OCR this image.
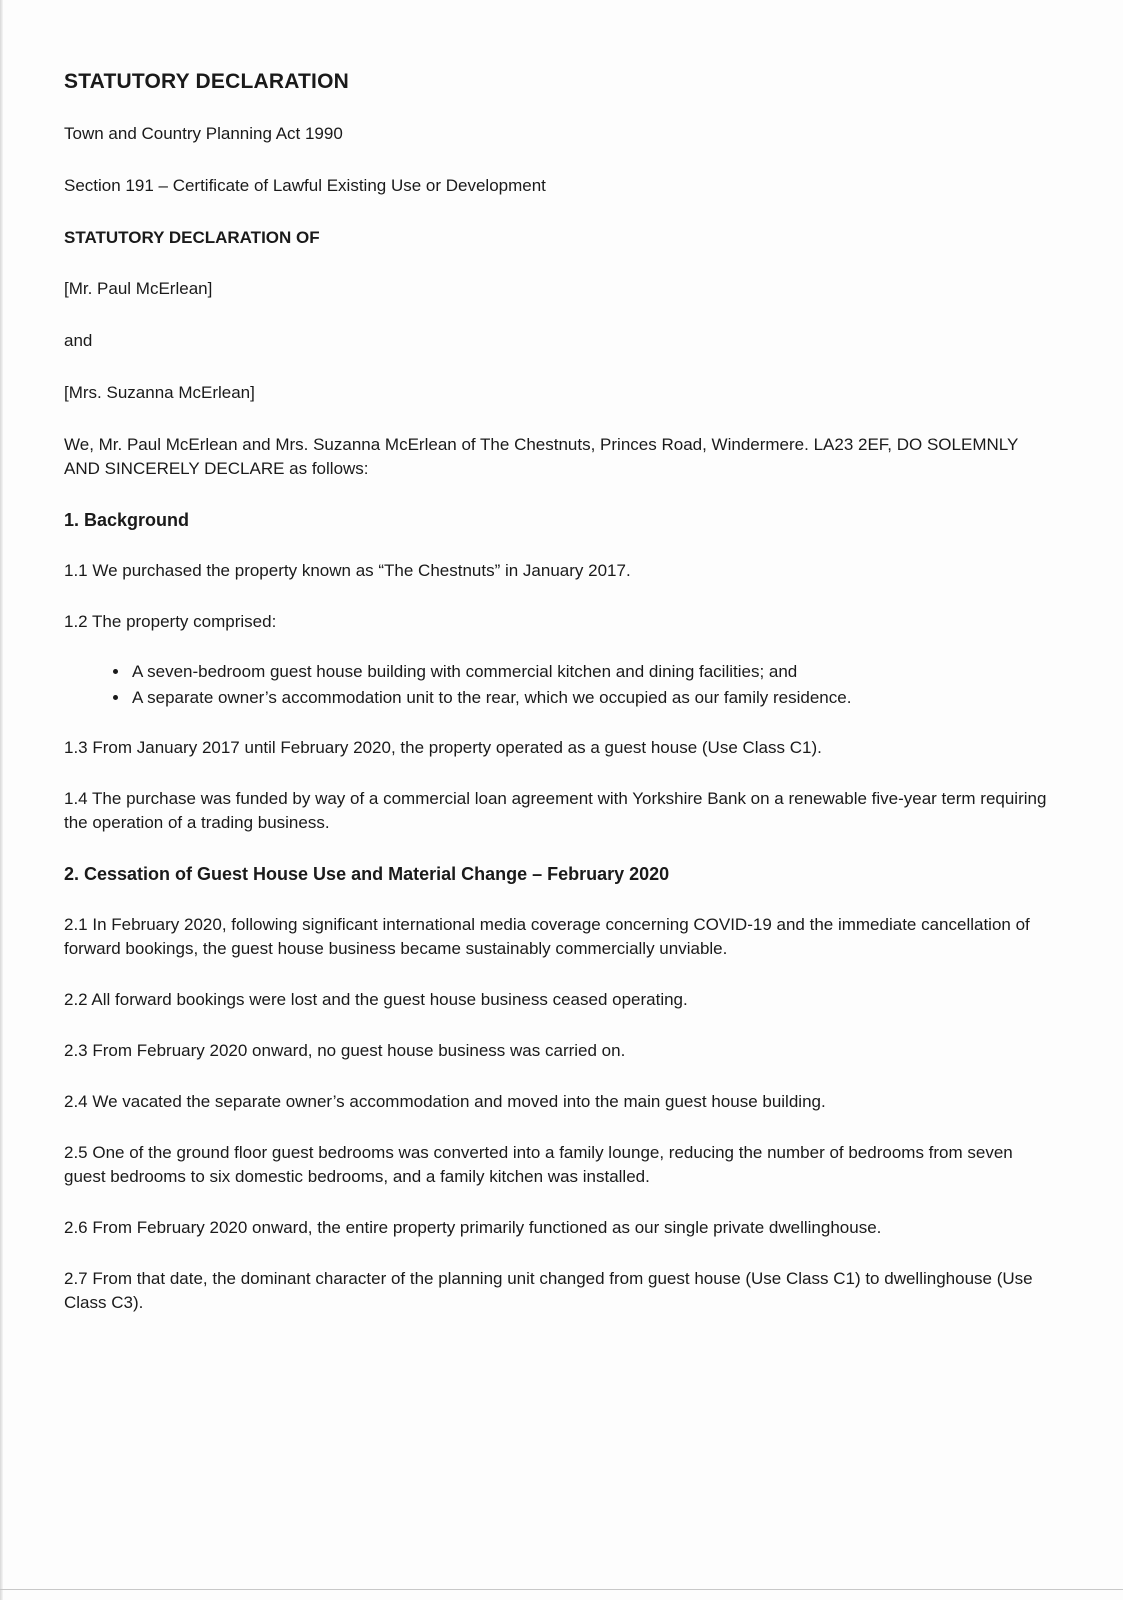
STATUTORY DECLARATION
Town and Country Planning Act 1990
Section 191 – Certificate of Lawful Existing Use or Development
STATUTORY DECLARATION OF
[Mr. Paul McErlean]
and
[Mrs. Suzanna McErlean]
We, Mr. Paul McErlean and Mrs. Suzanna McErlean of The Chestnuts, Princes Road, Windermere. LA23 2EF, DO SOLEMNLY AND SINCERELY DECLARE as follows:
1. Background
1.1 We purchased the property known as “The Chestnuts” in January 2017.
1.2 The property comprised:
• A seven-bedroom guest house building with commercial kitchen and dining facilities; and
• A separate owner’s accommodation unit to the rear, which we occupied as our family residence.
1.3 From January 2017 until February 2020, the property operated as a guest house (Use Class C1).
1.4 The purchase was funded by way of a commercial loan agreement with Yorkshire Bank on a renewable five-year term requiring the operation of a trading business.
2. Cessation of Guest House Use and Material Change – February 2020
2.1 In February 2020, following significant international media coverage concerning COVID-19 and the immediate cancellation of forward bookings, the guest house business became sustainably commercially unviable.
2.2 All forward bookings were lost and the guest house business ceased operating.
2.3 From February 2020 onward, no guest house business was carried on.
2.4 We vacated the separate owner’s accommodation and moved into the main guest house building.
2.5 One of the ground floor guest bedrooms was converted into a family lounge, reducing the number of bedrooms from seven guest bedrooms to six domestic bedrooms, and a family kitchen was installed.
2.6 From February 2020 onward, the entire property primarily functioned as our single private dwellinghouse.
2.7 From that date, the dominant character of the planning unit changed from guest house (Use Class C1) to dwellinghouse (Use Class C3).
